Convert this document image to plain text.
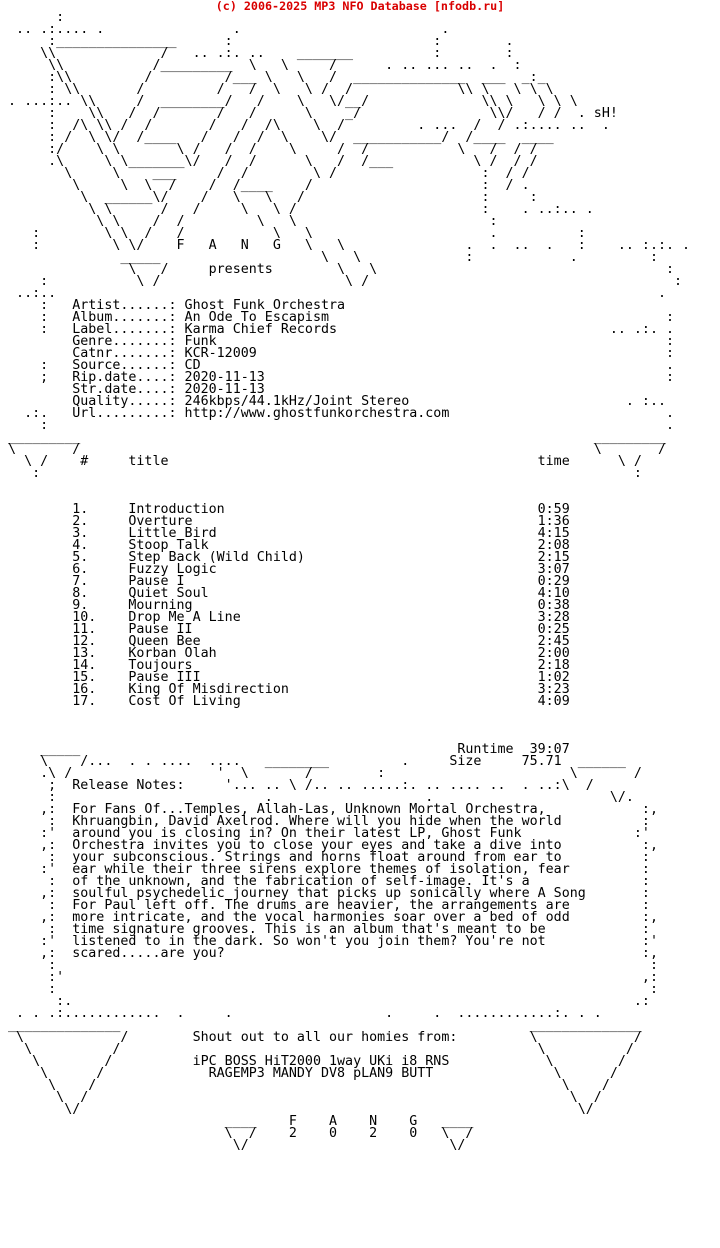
(c) 2006-2025 MP3 NFO Database [nfodb.ru]
:
.. .:.... .                .                         .
:_______________      :                         :        .
\\             /   .. .:. ..    _______          :        :
\\           /_________  \   \     /      . .. ... ..  .  :
:\\         /         /___ \   \   /  ______________  ___  _:_
: \\       /         /   /  \   \ /  /             \\ \   \ \ \
. ...:.. \\     /  ________/   /    \   \/__/              \\ \   \ \ \
:    \\   /  /       /   /      \    _/                \\/   / /  . sH!
:  /\ \\ /  /       /   /  /\    \  /         . ...  /  / .:.... ..  .
: /  \ \/  /____   /   /  /  \    \/  ___________/  /____  ____
:/    \ \       \ /   /  /    \     /  /           \   /  / /
.\     \ \_______\/   /  /      \   /  /___          \ /  / /
\     \    ___     /  /        \ /                  :  / /
\     \  \  /    /  /____    /                     :  / .
\  ______\/    /   \   \   /                      :     :
\ \      /   /     \   \ /                       :    . ..:.. .
\ \    /  /         \   \                        :
:        \ \  /   /           \   \                      .          :
:         \ \/    F   A   N   G   \   \               .  .  ..  .   :    .. :.:. .
_____                    \   \             :            .         :
\   /     presents        \   \                                    :
:           \ /                       \ /                                      :
..:..                                                                           .
:   Artist......: Ghost Funk Orchestra
:   Album.......: An Ode To Escapism                                          :
:   Label.......: Karma Chief Records                                  .. .:. .
Genre.......: Funk                                                        :
Catnr.......: KCR-12009                                                   :
:   Source......: CD                                                          .
;   Rip.date....: 2020-11-13                                                  :
Str.date....: 2020-11-13
Quality.....: 246kbps/44.1kHz/Joint Stereo                           . :..
.:.   Url.........: http://www.ghostfunkorchestra.com                           .
:                                                                             .
_________                                                                _________
\       /                                                                \       /
\ /    #     title                                              time      \ /
:                                                                          :
1.     Introduction                                       0:59
2.     Overture                                           1:36
3.     Little Bird                                        4:15
4.     Stoop Talk                                         2:08
5.     Step Back (Wild Child)                             2:15
6.     Fuzzy Logic                                        3:07
7.     Pause I                                            0:29
8.     Quiet Soul                                         4:10
9.     Mourning                                           0:38
10.    Drop Me A Line                                     3:28
11.    Pause II                                           0:25
12.    Queen Bee                                          2:45
13.    Korban Olah                                        2:00
14.    Toujours                                           2:18
15.    Pause III                                          1:02
16.    King Of Misdirection                               3:23
17.    Cost Of Living                                     4:09
_____                                               Runtime  39:07
\    /...  . . ....  ....   ________         .     Size     75.71  ______
.\ /                  '  \       /        :                       \       /
;  Release Notes:     '... .. \ /.. .. .....:. .. .... ..  . ..:\  /
:                          .                   .                      \/.
,:  For Fans Of...Temples, Allah-Las, Unknown Mortal Orchestra,            :,
:  Khruangbin, David Axelrod. Where will you hide when the world          :
:'  around you is closing in? On their latest LP, Ghost Funk              :'
,:  Orchestra invites you to close your eyes and take a dive into          :,
:  your subconscious. Strings and horns float around from ear to          :
:'  ear while their three sirens explore themes of isolation, fear         :
:  of the unknown, and the fabrication of self-image. It's a              :
,:  soulful psychedelic journey that picks up sonically where A Song       :
:  For Paul left off. The drums are heavier, the arrangements are         :
,:  more intricate, and the vocal harmonies soar over a bed of odd         :,
:  time signature grooves. This is an album that's meant to be            :
:'  listened to in the dark. So won't you join them? You're not            :'
,:  scared.....are you?                                                    :,
:                                                                          :
:'                                                                        ,:
:                                                                          :
:.                                                                      .:
. . .:............  .     .                   .     .  ............:. . .
______________                                                   ______________
\            /        Shout out to all our homies from:         \            /
\          /                                                    \          /
\        /          iPC BOSS HiT2000 1way UKi i8 RNS            \        /
\      /             RAGEMP3 MANDY DV8 pLAN9 BUTT               \      /
\    /                                                          \    /
\  /                                                            \  /
\/                                                              \/
____    F    A    N    G   ____
\  /    2    0    2    0   \  /
\/                         \/
